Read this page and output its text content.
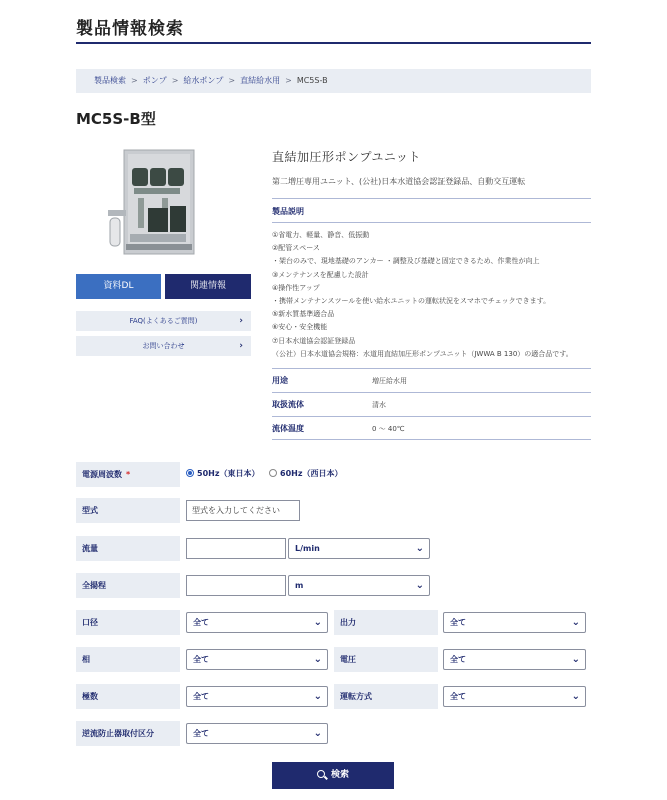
製品情報検索
製品検索 > ポンプ > 給水ポンプ > 直結給水用 > MC5S-B
MC5S-B型
資料DL	関連情報
FAQ(よくあるご質問)	›
お問い合わせ	›
直結加圧形ポンプユニット
第二増圧専用ユニット、(公社)日本水道協会認証登録品、自動交互運転
製品説明
①省電力、軽量、静音、低振動
②配管スペース
・架台のみで、現地基礎のアンカー ・調整及び基礎と固定できるため、作業性が向上
③メンテナンスを配慮した設計
④操作性アップ
・携帯メンテナンスツールを使い給水ユニットの運転状況をスマホでチェックできます。
⑤新水質基準適合品
⑥安心・安全機能
⑦日本水道協会認証登録品
（公社）日本水道協会規格：水道用直結加圧形ポンプユニット（JWWA B 130）の適合品です。
用途	増圧給水用
取扱流体	清水
流体温度	0 ～ 40℃
電源周波数 *	50Hz（東日本）	60Hz（西日本）
型式	型式を入力してください
流量	L/min	⌄
全揚程	m	⌄
口径	全て	⌄	出力	全て	⌄
相	全て	⌄	電圧	全て	⌄
極数	全て	⌄	運転方式	全て	⌄
逆流防止器取付区分	全て	⌄
検索
